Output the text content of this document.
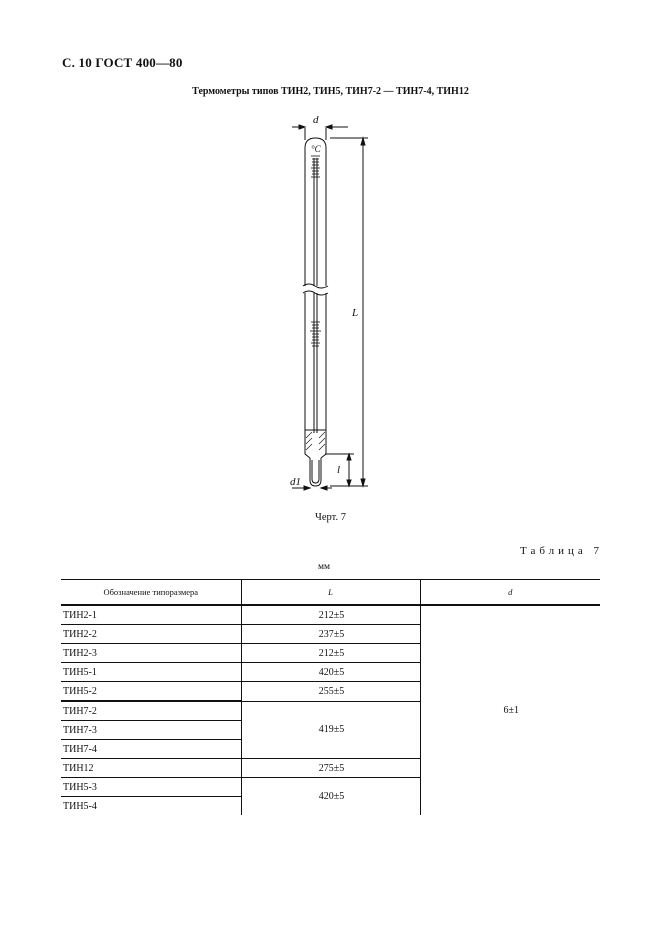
С. 10 ГОСТ 400—80
Термометры типов ТИН2, ТИН5, ТИН7-2 — ТИН7-4, ТИН12
d
°C
L
l
d1
Черт. 7
Таблица 7
мм
Обозначение типоразмера	L	d
ТИН2-1	212±5	6±1
ТИН2-2	237±5	
ТИН2-3	212±5	
ТИН5-1	420±5	
ТИН5-2	255±5	
ТИН7-2	419±5	
ТИН7-3		
ТИН7-4		
ТИН12	275±5	
ТИН5-3	420±5	
ТИН5-4		
